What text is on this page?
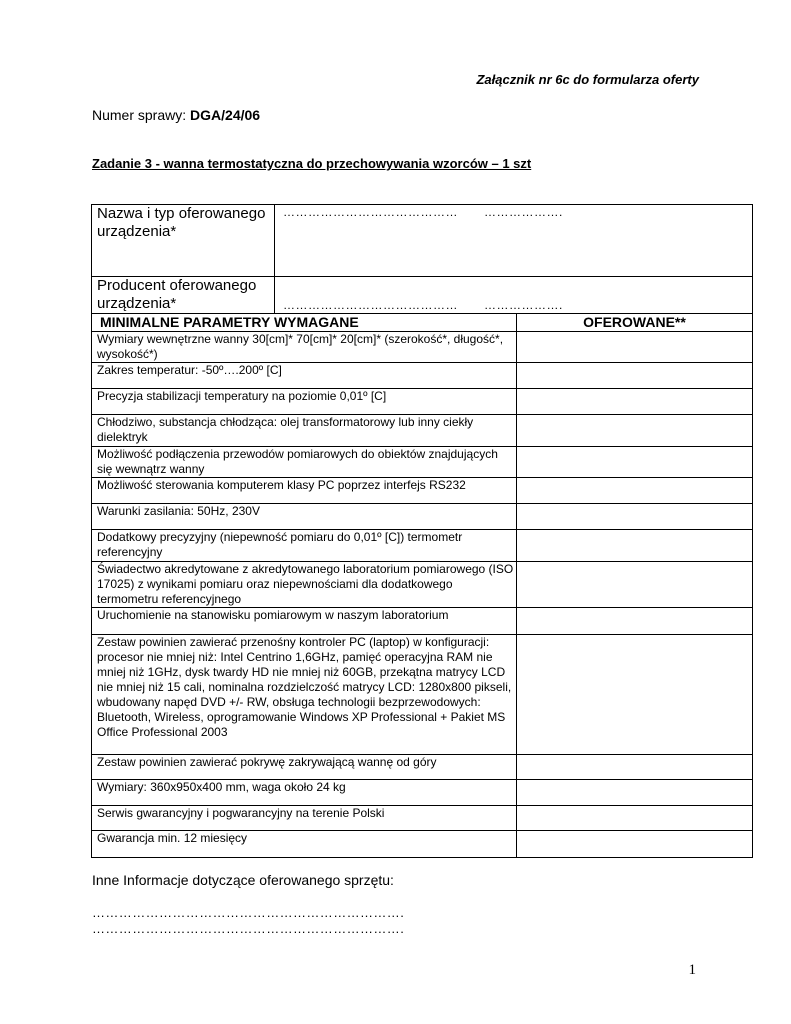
Załącznik nr 6c do formularza oferty
Numer sprawy: DGA/24/06
Zadanie 3 - wanna termostatyczna do przechowywania wzorców – 1 szt
Nazwa i typ oferowanego urządzenia*	…………………………………… ……………….	
Producent oferowanego urządzenia*	…………………………………… ……………….	
MINIMALNE PARAMETRY WYMAGANE		OFEROWANE**
Wymiary wewnętrzne wanny 30[cm]* 70[cm]* 20[cm]* (szerokość*, długość*, wysokość*)		
Zakres temperatur: -50º….200º [C]		
Precyzja stabilizacji temperatury na poziomie 0,01º [C]		
Chłodziwo, substancja chłodząca: olej transformatorowy lub inny ciekły dielektryk		
Możliwość podłączenia przewodów pomiarowych do obiektów znajdujących się wewnątrz wanny		
Możliwość sterowania komputerem klasy PC poprzez interfejs RS232		
Warunki zasilania: 50Hz, 230V		
Dodatkowy precyzyjny (niepewność pomiaru do 0,01º [C]) termometr referencyjny		
Świadectwo akredytowane z akredytowanego laboratorium pomiarowego (ISO 17025) z wynikami pomiaru oraz niepewnościami dla dodatkowego termometru referencyjnego		
Uruchomienie na stanowisku pomiarowym w naszym laboratorium		
Zestaw powinien zawierać przenośny kontroler PC (laptop) w konfiguracji: procesor nie mniej niż: Intel Centrino 1,6GHz, pamięć operacyjna RAM nie mniej niż 1GHz, dysk twardy HD nie mniej niż 60GB, przekątna matrycy LCD nie mniej niż 15 cali, nominalna rozdzielczość matrycy LCD: 1280x800 pikseli, wbudowany napęd DVD +/- RW, obsługa technologii bezprzewodowych: Bluetooth, Wireless, oprogramowanie Windows XP Professional + Pakiet MS Office Professional 2003		
Zestaw powinien zawierać pokrywę zakrywającą wannę od góry		
Wymiary: 360x950x400 mm, waga około 24 kg		
Serwis gwarancyjny i pogwarancyjny na terenie Polski		
Gwarancja min. 12 miesięcy		
Inne Informacje dotyczące oferowanego sprzętu:
…………………………………………………………….
…………………………………………………………….
1
